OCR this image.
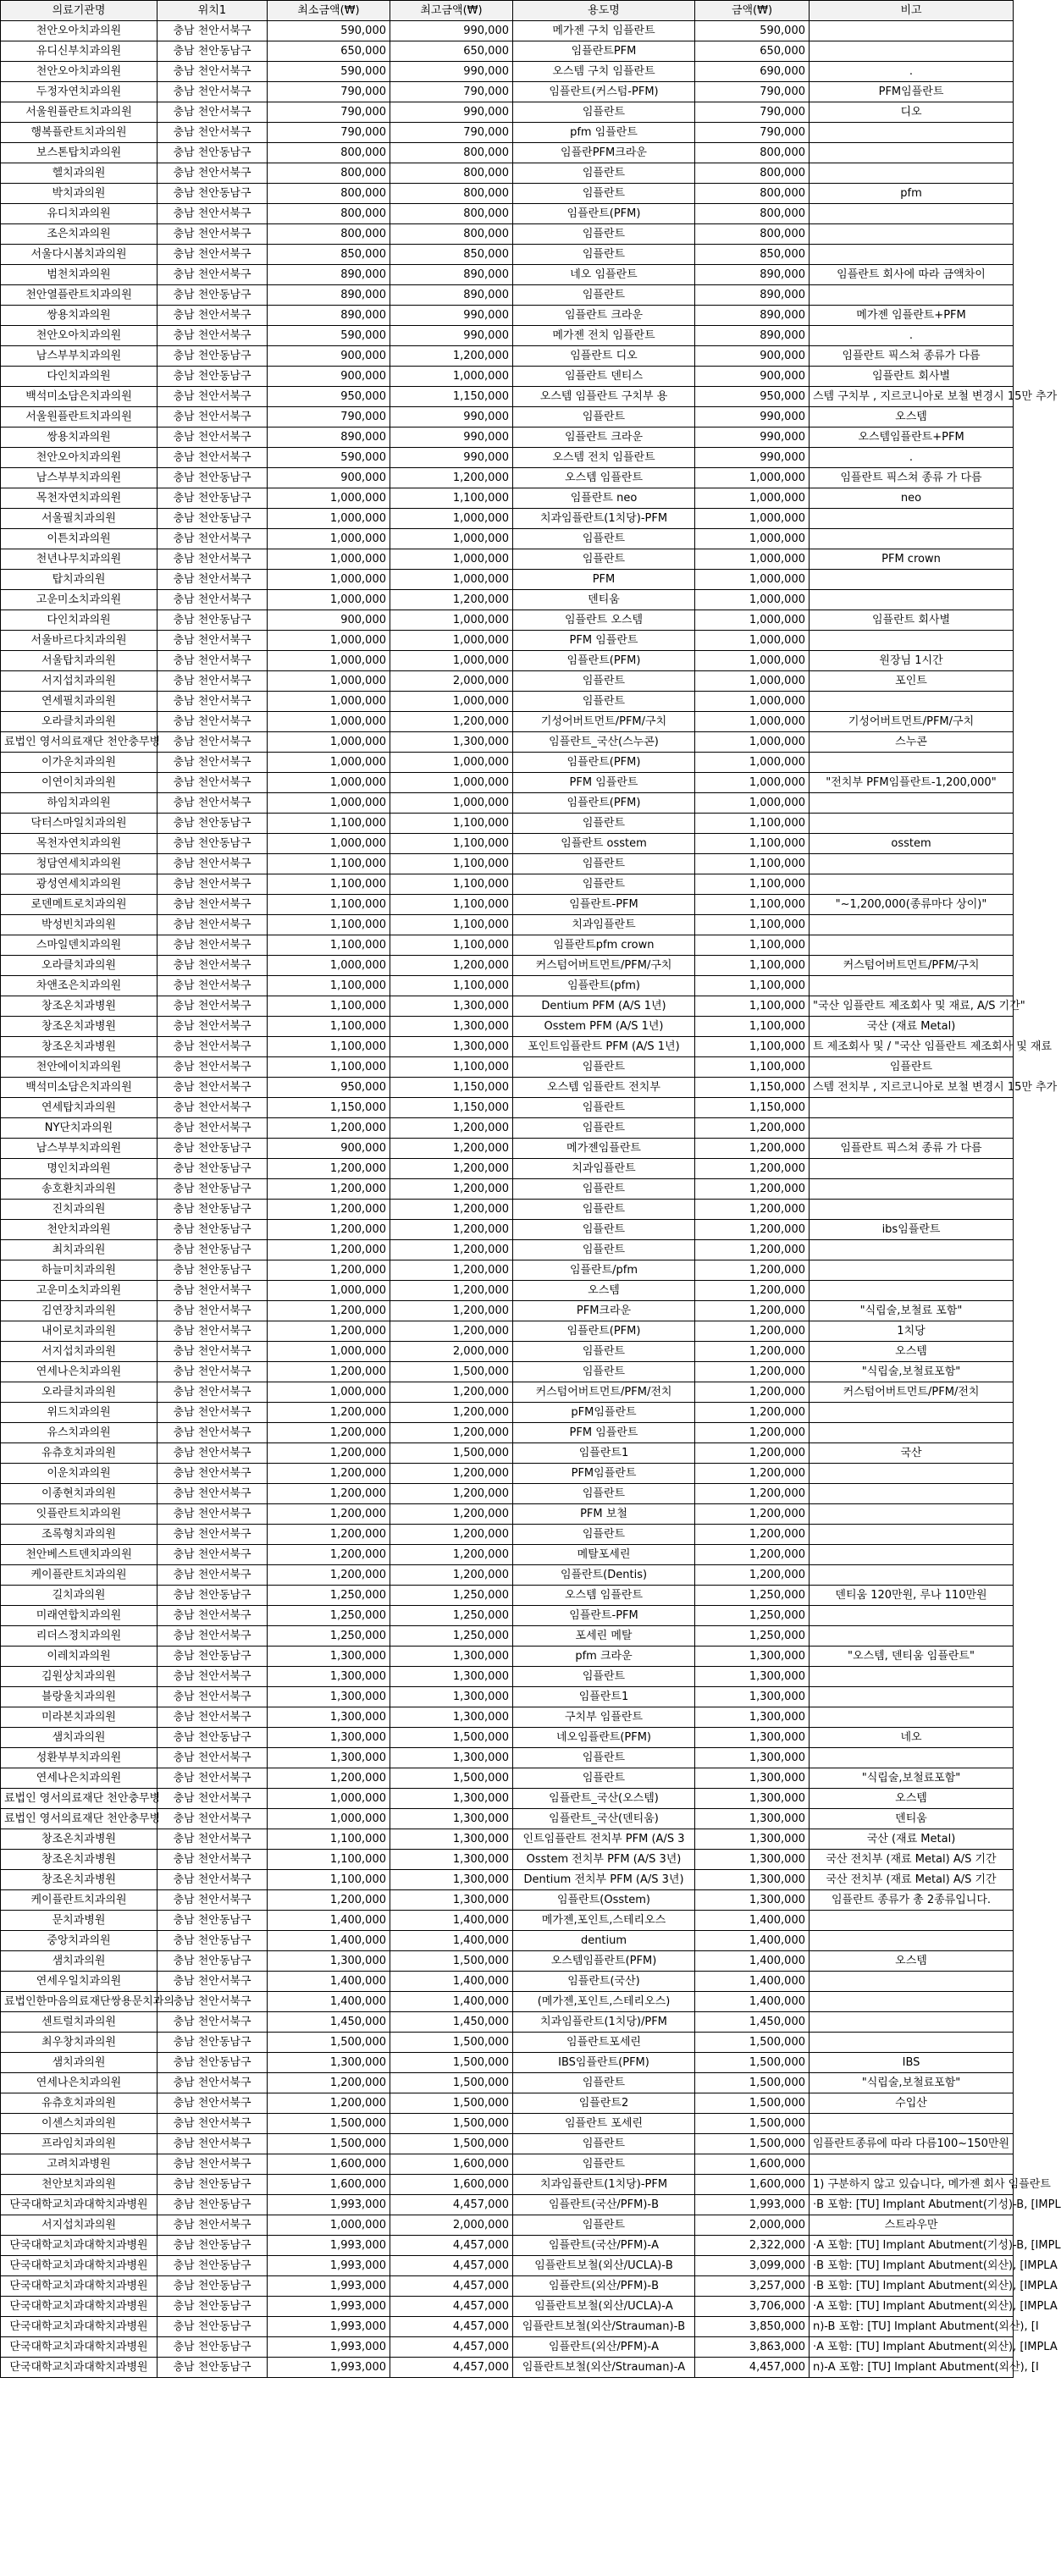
의료기관명	위치1	최소금액(₩)	최고금액(₩)	용도명	금액(₩)	비고
천안오아치과의원	충남 천안서북구	590,000	990,000	메가젠 구치 임플란트	590,000	
유디신부치과의원	충남 천안동남구	650,000	650,000	임플란트PFM	650,000	
천안오아치과의원	충남 천안서북구	590,000	990,000	오스템 구치 임플란트	690,000	.
두정자연치과의원	충남 천안서북구	790,000	790,000	임플란트(커스텀-PFM)	790,000	PFM임플란트
서울원플란트치과의원	충남 천안서북구	790,000	990,000	임플란트	790,000	디오
행복플란트치과의원	충남 천안서북구	790,000	790,000	pfm 임플란트	790,000	
보스톤탑치과의원	충남 천안동남구	800,000	800,000	임플란PFM크라운	800,000	
헬치과의원	충남 천안서북구	800,000	800,000	임플란트	800,000	
박치과의원	충남 천안동남구	800,000	800,000	임플란트	800,000	pfm
유디치과의원	충남 천안서북구	800,000	800,000	임플란트(PFM)	800,000	
조은치과의원	충남 천안서북구	800,000	800,000	임플란트	800,000	
서울다시봄치과의원	충남 천안서북구	850,000	850,000	임플란트	850,000	
범천치과의원	충남 천안서북구	890,000	890,000	네오 임플란트	890,000	임플란트 회사에 따라 금액차이
천안열플란트치과의원	충남 천안동남구	890,000	890,000	임플란트	890,000	
쌍용치과의원	충남 천안서북구	890,000	990,000	임플란트 크라운	890,000	메가젠 임플란트+PFM
천안오아치과의원	충남 천안서북구	590,000	990,000	메가젠 전치 임플란트	890,000	.
남스부부치과의원	충남 천안동남구	900,000	1,200,000	임플란트 디오	900,000	임플란트 픽스쳐 종류가 다름
다인치과의원	충남 천안동남구	900,000	1,000,000	임플란트 덴티스	900,000	임플란트 회사별
백석미소담은치과의원	충남 천안서북구	950,000	1,150,000	오스템 임플란트 구치부 용	950,000	스템 구치부 , 지르코니아로 보철 변경시 15만 추가
서울원플란트치과의원	충남 천안서북구	790,000	990,000	임플란트	990,000	오스템
쌍용치과의원	충남 천안서북구	890,000	990,000	임플란트 크라운	990,000	오스템임플란트+PFM
천안오아치과의원	충남 천안서북구	590,000	990,000	오스템 전치 임플란트	990,000	.
남스부부치과의원	충남 천안동남구	900,000	1,200,000	오스템 임플란트	1,000,000	임플란트 픽스쳐 종류 가 다름
목천자연치과의원	충남 천안동남구	1,000,000	1,100,000	임플란트 neo	1,000,000	neo
서울필치과의원	충남 천안동남구	1,000,000	1,000,000	치과임플란트(1치당)-PFM	1,000,000	
이튼치과의원	충남 천안서북구	1,000,000	1,000,000	임플란트	1,000,000	
천년나무치과의원	충남 천안서북구	1,000,000	1,000,000	임플란트	1,000,000	PFM crown
탑치과의원	충남 천안서북구	1,000,000	1,000,000	PFM	1,000,000	
고운미소치과의원	충남 천안서북구	1,000,000	1,200,000	덴티움	1,000,000	
다인치과의원	충남 천안동남구	900,000	1,000,000	임플란트 오스템	1,000,000	임플란트 회사별
서울바르다치과의원	충남 천안서북구	1,000,000	1,000,000	PFM 임플란트	1,000,000	
서울탑치과의원	충남 천안서북구	1,000,000	1,000,000	임플란트(PFM)	1,000,000	원장님 1시간
서지섭치과의원	충남 천안서북구	1,000,000	2,000,000	임플란트	1,000,000	포인트
연세필치과의원	충남 천안서북구	1,000,000	1,000,000	임플란트	1,000,000	
오라클치과의원	충남 천안서북구	1,000,000	1,200,000	기성어버트먼트/PFM/구치	1,000,000	기성어버트먼트/PFM/구치
료법인 영서의료재단 천안충무병	충남 천안서북구	1,000,000	1,300,000	임플란트_국산(스누콘)	1,000,000	스누콘
이가운치과의원	충남 천안서북구	1,000,000	1,000,000	임플란트(PFM)	1,000,000	
이연이치과의원	충남 천안서북구	1,000,000	1,000,000	PFM 임플란트	1,000,000	"전치부 PFM임플란트-1,200,000"
하임치과의원	충남 천안서북구	1,000,000	1,000,000	임플란트(PFM)	1,000,000	
닥터스마일치과의원	충남 천안동남구	1,100,000	1,100,000	임플란트	1,100,000	
목천자연치과의원	충남 천안동남구	1,000,000	1,100,000	임플란트 osstem	1,100,000	osstem
청담연세치과의원	충남 천안서북구	1,100,000	1,100,000	임플란트	1,100,000	
광성연세치과의원	충남 천안서북구	1,100,000	1,100,000	임플란트	1,100,000	
로덴메트로치과의원	충남 천안서북구	1,100,000	1,100,000	임플란트-PFM	1,100,000	"~1,200,000(종류마다 상이)"
박성빈치과의원	충남 천안서북구	1,100,000	1,100,000	치과임플란트	1,100,000	
스마일덴치과의원	충남 천안서북구	1,100,000	1,100,000	임플란트pfm crown	1,100,000	
오라클치과의원	충남 천안서북구	1,000,000	1,200,000	커스텀어버트먼트/PFM/구치	1,100,000	커스텀어버트먼트/PFM/구치
차앤조은치과의원	충남 천안서북구	1,100,000	1,100,000	임플란트(pfm)	1,100,000	
창조온치과병원	충남 천안서북구	1,100,000	1,300,000	Dentium PFM (A/S 1년)	1,100,000	"국산 임플란트 제조회사 및 재료, A/S 기간"
창조온치과병원	충남 천안서북구	1,100,000	1,300,000	Osstem PFM (A/S 1년)	1,100,000	국산 (재료 Metal)
창조온치과병원	충남 천안서북구	1,100,000	1,300,000	포인트임플란트 PFM (A/S 1년)	1,100,000	트 제조회사 및 / "국산 임플란트 제조회사 및 재료
천안에이치과의원	충남 천안서북구	1,100,000	1,100,000	임플란트	1,100,000	임플란트
백석미소담은치과의원	충남 천안서북구	950,000	1,150,000	오스템 임플란트 전치부	1,150,000	스템 전치부 , 지르코니아로 보철 변경시 15만 추가
연세탑치과의원	충남 천안서북구	1,150,000	1,150,000	임플란트	1,150,000	
NY단치과의원	충남 천안서북구	1,200,000	1,200,000	임플란트	1,200,000	
남스부부치과의원	충남 천안동남구	900,000	1,200,000	메가젠임플란트	1,200,000	임플란트 픽스쳐 종류 가 다름
명인치과의원	충남 천안동남구	1,200,000	1,200,000	치과임플란트	1,200,000	
송호환치과의원	충남 천안동남구	1,200,000	1,200,000	임플란트	1,200,000	
진치과의원	충남 천안동남구	1,200,000	1,200,000	임플란트	1,200,000	
천안치과의원	충남 천안동남구	1,200,000	1,200,000	임플란트	1,200,000	ibs임플란트
최치과의원	충남 천안동남구	1,200,000	1,200,000	임플란트	1,200,000	
하늘미치과의원	충남 천안동남구	1,200,000	1,200,000	임플란트/pfm	1,200,000	
고운미소치과의원	충남 천안서북구	1,000,000	1,200,000	오스템	1,200,000	
김연장치과의원	충남 천안서북구	1,200,000	1,200,000	PFM크라운	1,200,000	"식립술,보철료 포함"
내이로치과의원	충남 천안서북구	1,200,000	1,200,000	임플란트(PFM)	1,200,000	1치당
서지섭치과의원	충남 천안서북구	1,000,000	2,000,000	임플란트	1,200,000	오스템
연세나은치과의원	충남 천안서북구	1,200,000	1,500,000	임플란트	1,200,000	"식립술,보철료포함"
오라클치과의원	충남 천안서북구	1,000,000	1,200,000	커스텀어버트먼트/PFM/전치	1,200,000	커스텀어버트먼트/PFM/전치
위드치과의원	충남 천안서북구	1,200,000	1,200,000	pFM임플란트	1,200,000	
유스치과의원	충남 천안서북구	1,200,000	1,200,000	PFM 임플란트	1,200,000	
유츄호치과의원	충남 천안서북구	1,200,000	1,500,000	임플란트1	1,200,000	국산
이운치과의원	충남 천안서북구	1,200,000	1,200,000	PFM임플란트	1,200,000	
이종현치과의원	충남 천안서북구	1,200,000	1,200,000	임플란트	1,200,000	
잇플란트치과의원	충남 천안서북구	1,200,000	1,200,000	PFM 보철	1,200,000	
조록형치과의원	충남 천안서북구	1,200,000	1,200,000	임플란트	1,200,000	
천안베스트덴치과의원	충남 천안서북구	1,200,000	1,200,000	메탈포세린	1,200,000	
케이플란트치과의원	충남 천안서북구	1,200,000	1,200,000	임플란트(Dentis)	1,200,000	
길치과의원	충남 천안동남구	1,250,000	1,250,000	오스템 임플란트	1,250,000	덴티움 120만원, 루나 110만원
미래연합치과의원	충남 천안서북구	1,250,000	1,250,000	임플란트-PFM	1,250,000	
리더스정치과의원	충남 천안서북구	1,250,000	1,250,000	포세린 메탈	1,250,000	
이레치과의원	충남 천안동남구	1,300,000	1,300,000	pfm 크라운	1,300,000	"오스템, 덴티움 임플란트"
김원상치과의원	충남 천안서북구	1,300,000	1,300,000	임플란트	1,300,000	
블랑울치과의원	충남 천안서북구	1,300,000	1,300,000	임플란트1	1,300,000	
미라본치과의원	충남 천안서북구	1,300,000	1,300,000	구치부 임플란트	1,300,000	
샘치과의원	충남 천안동남구	1,300,000	1,500,000	네오임플란트(PFM)	1,300,000	네오
성환부부치과의원	충남 천안서북구	1,300,000	1,300,000	임플란트	1,300,000	
연세나은치과의원	충남 천안서북구	1,200,000	1,500,000	임플란트	1,300,000	"식립술,보철료포함"
료법인 영서의료재단 천안충무병	충남 천안서북구	1,000,000	1,300,000	임플란트_국산(오스템)	1,300,000	오스템
료법인 영서의료재단 천안충무병	충남 천안서북구	1,000,000	1,300,000	임플란트_국산(덴티움)	1,300,000	덴티움
창조온치과병원	충남 천안서북구	1,100,000	1,300,000	인트임플란트 전치부 PFM (A/S 3	1,300,000	국산 (재료 Metal)
창조온치과병원	충남 천안서북구	1,100,000	1,300,000	Osstem 전치부 PFM (A/S 3년)	1,300,000	국산 전치부 (재료 Metal) A/S 기간
창조온치과병원	충남 천안서북구	1,100,000	1,300,000	Dentium 전치부 PFM (A/S 3년)	1,300,000	국산 전치부 (재료 Metal) A/S 기간
케이플란트치과의원	충남 천안서북구	1,200,000	1,300,000	임플란트(Osstem)	1,300,000	임플란트 종류가 총 2종류입니다.
문치과병원	충남 천안동남구	1,400,000	1,400,000	메가젠,포인트,스테리오스	1,400,000	
중앙치과의원	충남 천안동남구	1,400,000	1,400,000	dentium	1,400,000	
샘치과의원	충남 천안동남구	1,300,000	1,500,000	오스템임플란트(PFM)	1,400,000	오스템
연세우일치과의원	충남 천안서북구	1,400,000	1,400,000	임플란트(국산)	1,400,000	
료법인한마음의료재단쌍용문치과의	충남 천안서북구	1,400,000	1,400,000	(메가젠,포인트,스테리오스)	1,400,000	
센트럴치과의원	충남 천안서북구	1,450,000	1,450,000	치과임플란트(1치당)/PFM	1,450,000	
최우창치과의원	충남 천안동남구	1,500,000	1,500,000	임플란트포세린	1,500,000	
샘치과의원	충남 천안동남구	1,300,000	1,500,000	IBS임플란트(PFM)	1,500,000	IBS
연세나은치과의원	충남 천안서북구	1,200,000	1,500,000	임플란트	1,500,000	"식립술,보철료포함"
유츄호치과의원	충남 천안서북구	1,200,000	1,500,000	임플란트2	1,500,000	수입산
이센스치과의원	충남 천안서북구	1,500,000	1,500,000	임플란트 포세린	1,500,000	
프라임치과의원	충남 천안서북구	1,500,000	1,500,000	임플란트	1,500,000	임플란트종류에 따라 다름100~150만원
고려치과병원	충남 천안서북구	1,600,000	1,600,000	임플란트	1,600,000	
천안보치과의원	충남 천안동남구	1,600,000	1,600,000	치과임플란트(1치당)-PFM	1,600,000	1) 구분하지 않고 있습니다, 메가젠 회사 임플란트
단국대학교치과대학치과병원	충남 천안동남구	1,993,000	4,457,000	임플란트(국산/PFM)-B	1,993,000	·B 포함: [TU] Implant Abutment(기성)-B, [IMPL
서지섭치과의원	충남 천안서북구	1,000,000	2,000,000	임플란트	2,000,000	스트라우만
단국대학교치과대학치과병원	충남 천안동남구	1,993,000	4,457,000	임플란트(국산/PFM)-A	2,322,000	·A 포함: [TU] Implant Abutment(기성)-B, [IMPL
단국대학교치과대학치과병원	충남 천안동남구	1,993,000	4,457,000	임플란트보철(외산/UCLA)-B	3,099,000	·B 포함: [TU] Implant Abutment(외산), [IMPLA
단국대학교치과대학치과병원	충남 천안동남구	1,993,000	4,457,000	임플란트(외산/PFM)-B	3,257,000	·B 포함: [TU] Implant Abutment(외산), [IMPLA
단국대학교치과대학치과병원	충남 천안동남구	1,993,000	4,457,000	임플란트보철(외산/UCLA)-A	3,706,000	·A 포함: [TU] Implant Abutment(외산), [IMPLA
단국대학교치과대학치과병원	충남 천안동남구	1,993,000	4,457,000	임플란트보철(외산/Strauman)-B	3,850,000	n)-B 포함: [TU] Implant Abutment(외산), [I
단국대학교치과대학치과병원	충남 천안동남구	1,993,000	4,457,000	임플란트(외산/PFM)-A	3,863,000	·A 포함: [TU] Implant Abutment(외산), [IMPLA
단국대학교치과대학치과병원	충남 천안동남구	1,993,000	4,457,000	임플란트보철(외산/Strauman)-A	4,457,000	n)-A 포함: [TU] Implant Abutment(외산), [I
